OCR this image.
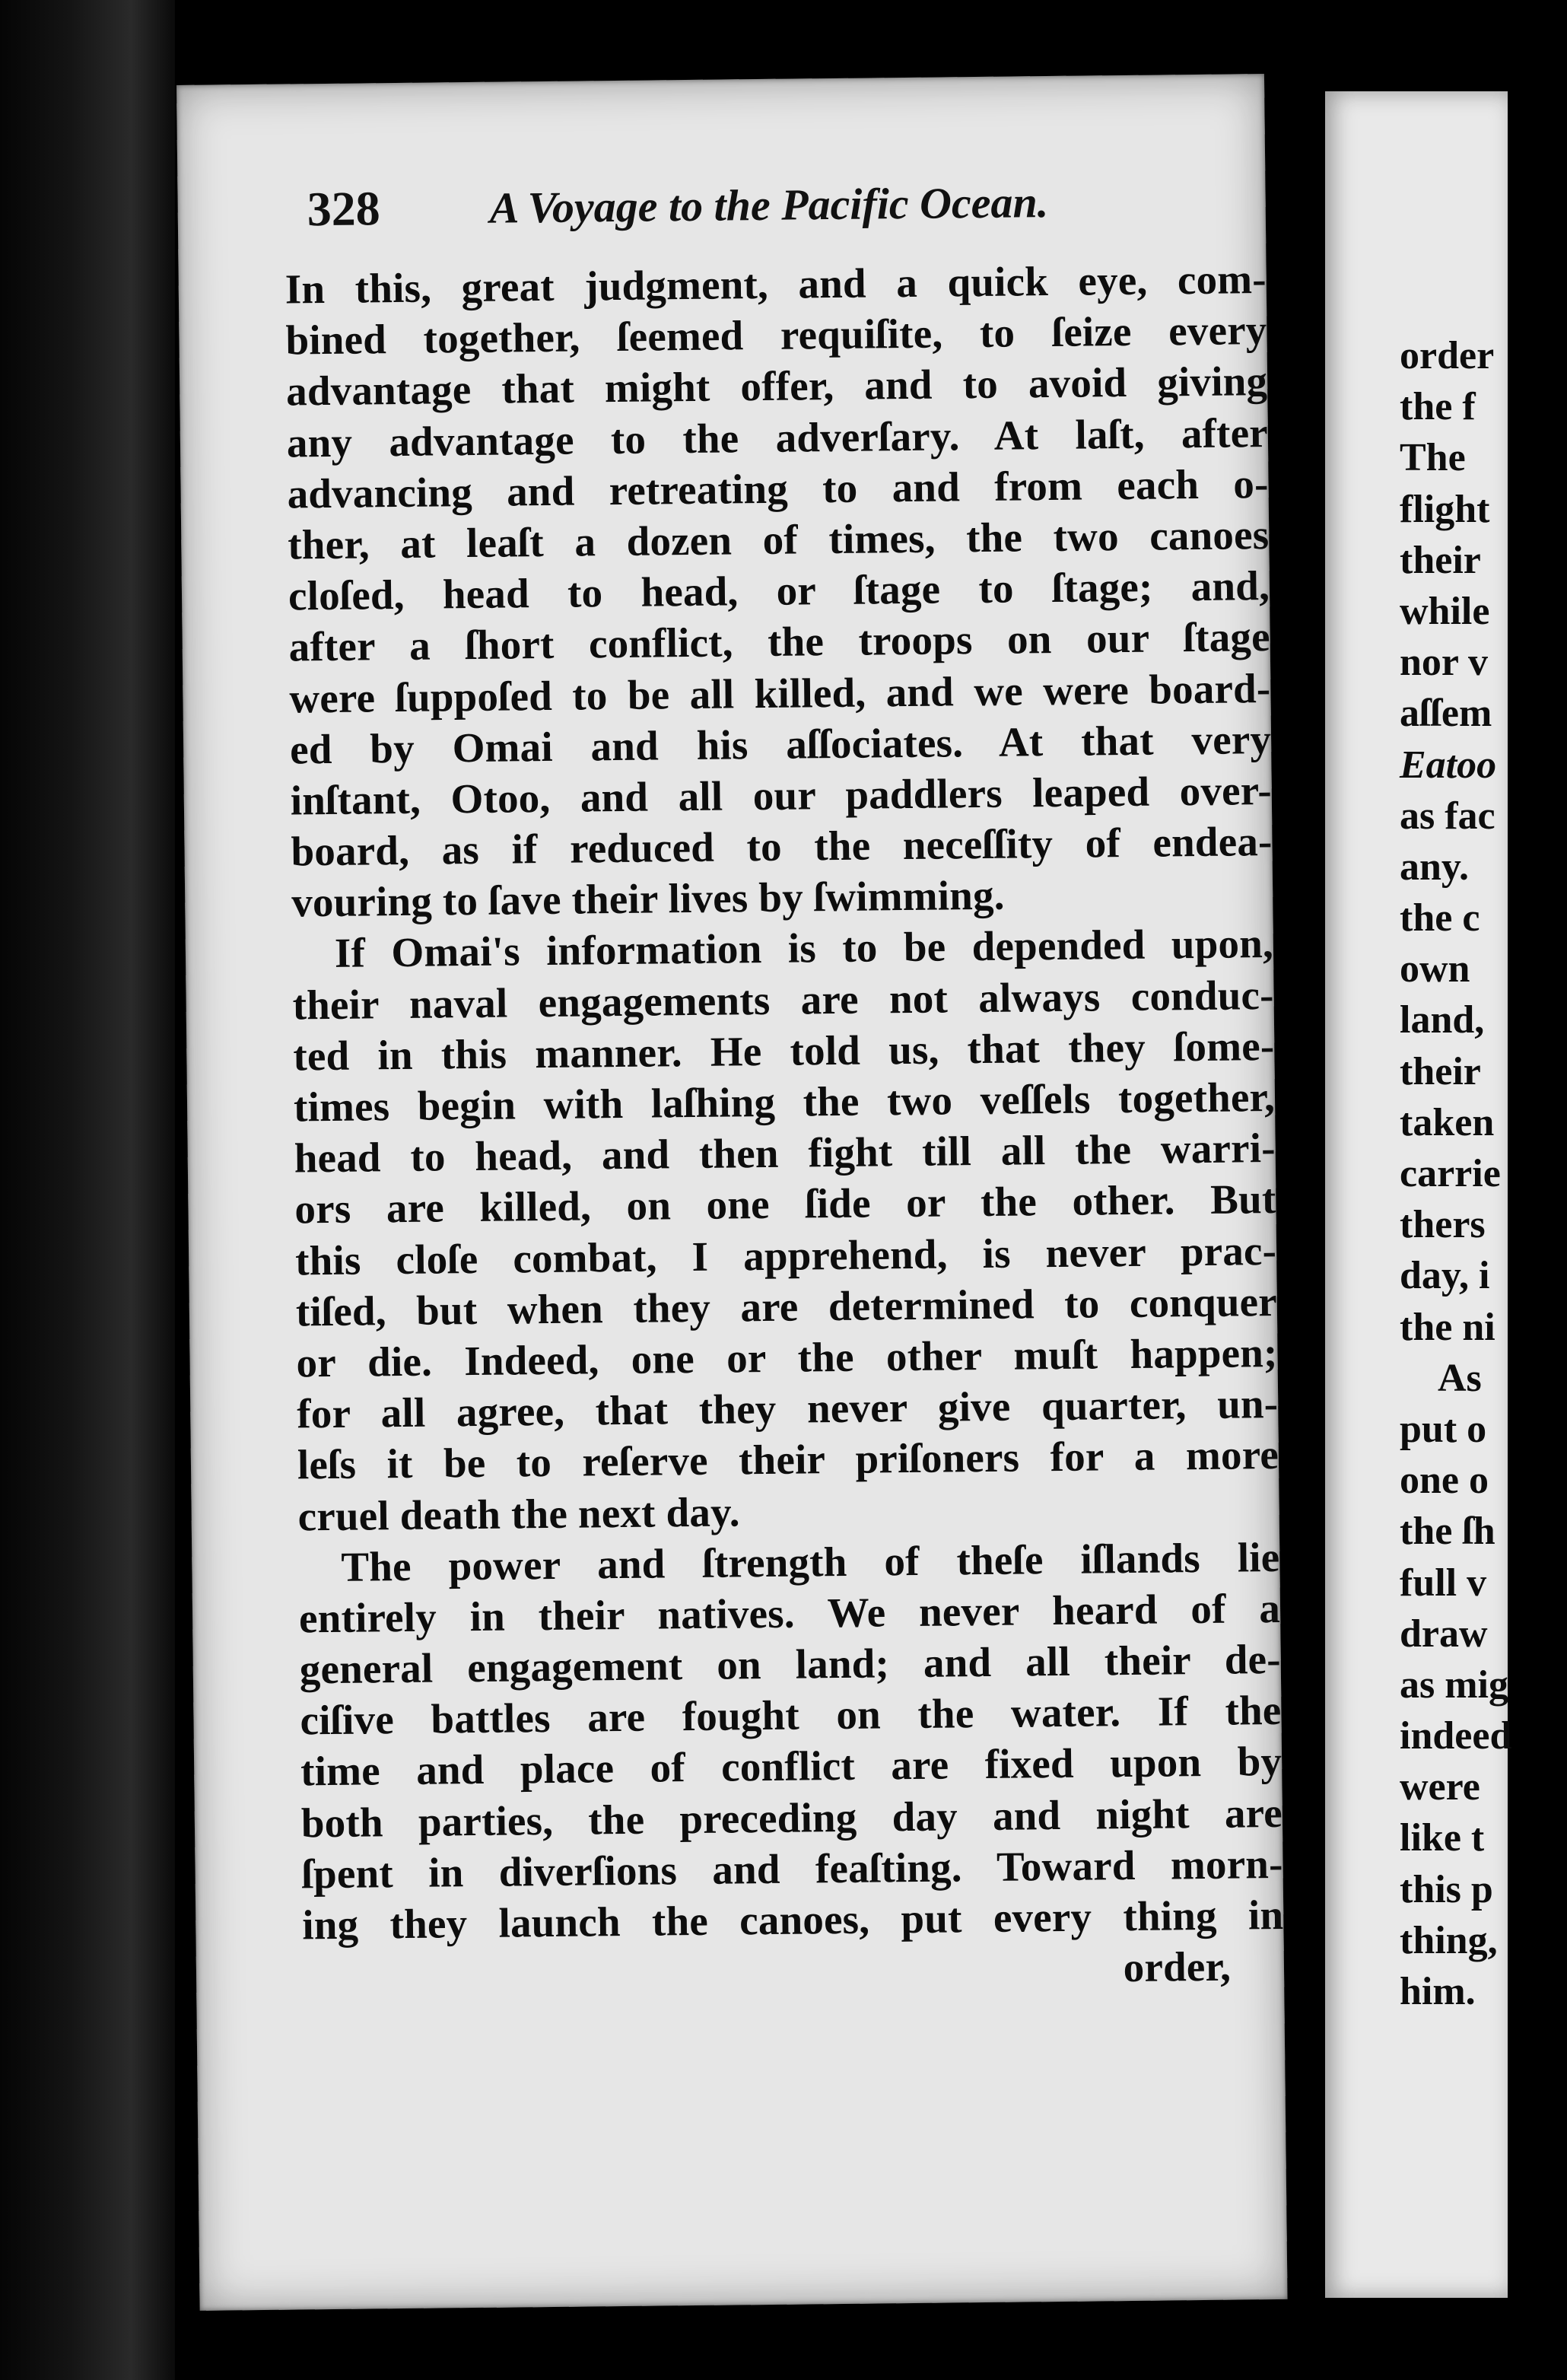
328 A Voyage to the Pacific Ocean.
In this, great judgment, and a quick eye, com-
bined together, ſeemed requiſite, to ſeize every
advantage that might offer, and to avoid giving
any advantage to the adverſary. At laſt, after
advancing and retreating to and from each o-
ther, at leaſt a dozen of times, the two canoes
cloſed, head to head, or ſtage to ſtage; and,
after a ſhort conflict, the troops on our ſtage
were ſuppoſed to be all killed, and we were board-
ed by Omai and his aſſociates. At that very
inſtant, Otoo, and all our paddlers leaped over-
board, as if reduced to the neceſſity of endea-
vouring to ſave their lives by ſwimming.
If Omai's information is to be depended upon,
their naval engagements are not always conduc-
ted in this manner. He told us, that they ſome-
times begin with laſhing the two veſſels together,
head to head, and then fight till all the warri-
ors are killed, on one ſide or the other. But
this cloſe combat, I apprehend, is never prac-
tiſed, but when they are determined to conquer
or die. Indeed, one or the other muſt happen;
for all agree, that they never give quarter, un-
leſs it be to reſerve their priſoners for a more
cruel death the next day.
The power and ſtrength of theſe iſlands lie
entirely in their natives. We never heard of a
general engagement on land; and all their de-
ciſive battles are fought on the water. If the
time and place of conflict are fixed upon by
both parties, the preceding day and night are
ſpent in diverſions and feaſting. Toward morn-
ing they launch the canoes, put every thing in
order,
order
the f
The
flight
their
while
nor v
aſſem
Eatoo
as fac
any.
the c
own
land,
their
taken
carrie
thers
day, i
the ni
As
put o
one o
the ſh
full v
draw
as mig
indeed
were
like t
this p
thing,
him.
